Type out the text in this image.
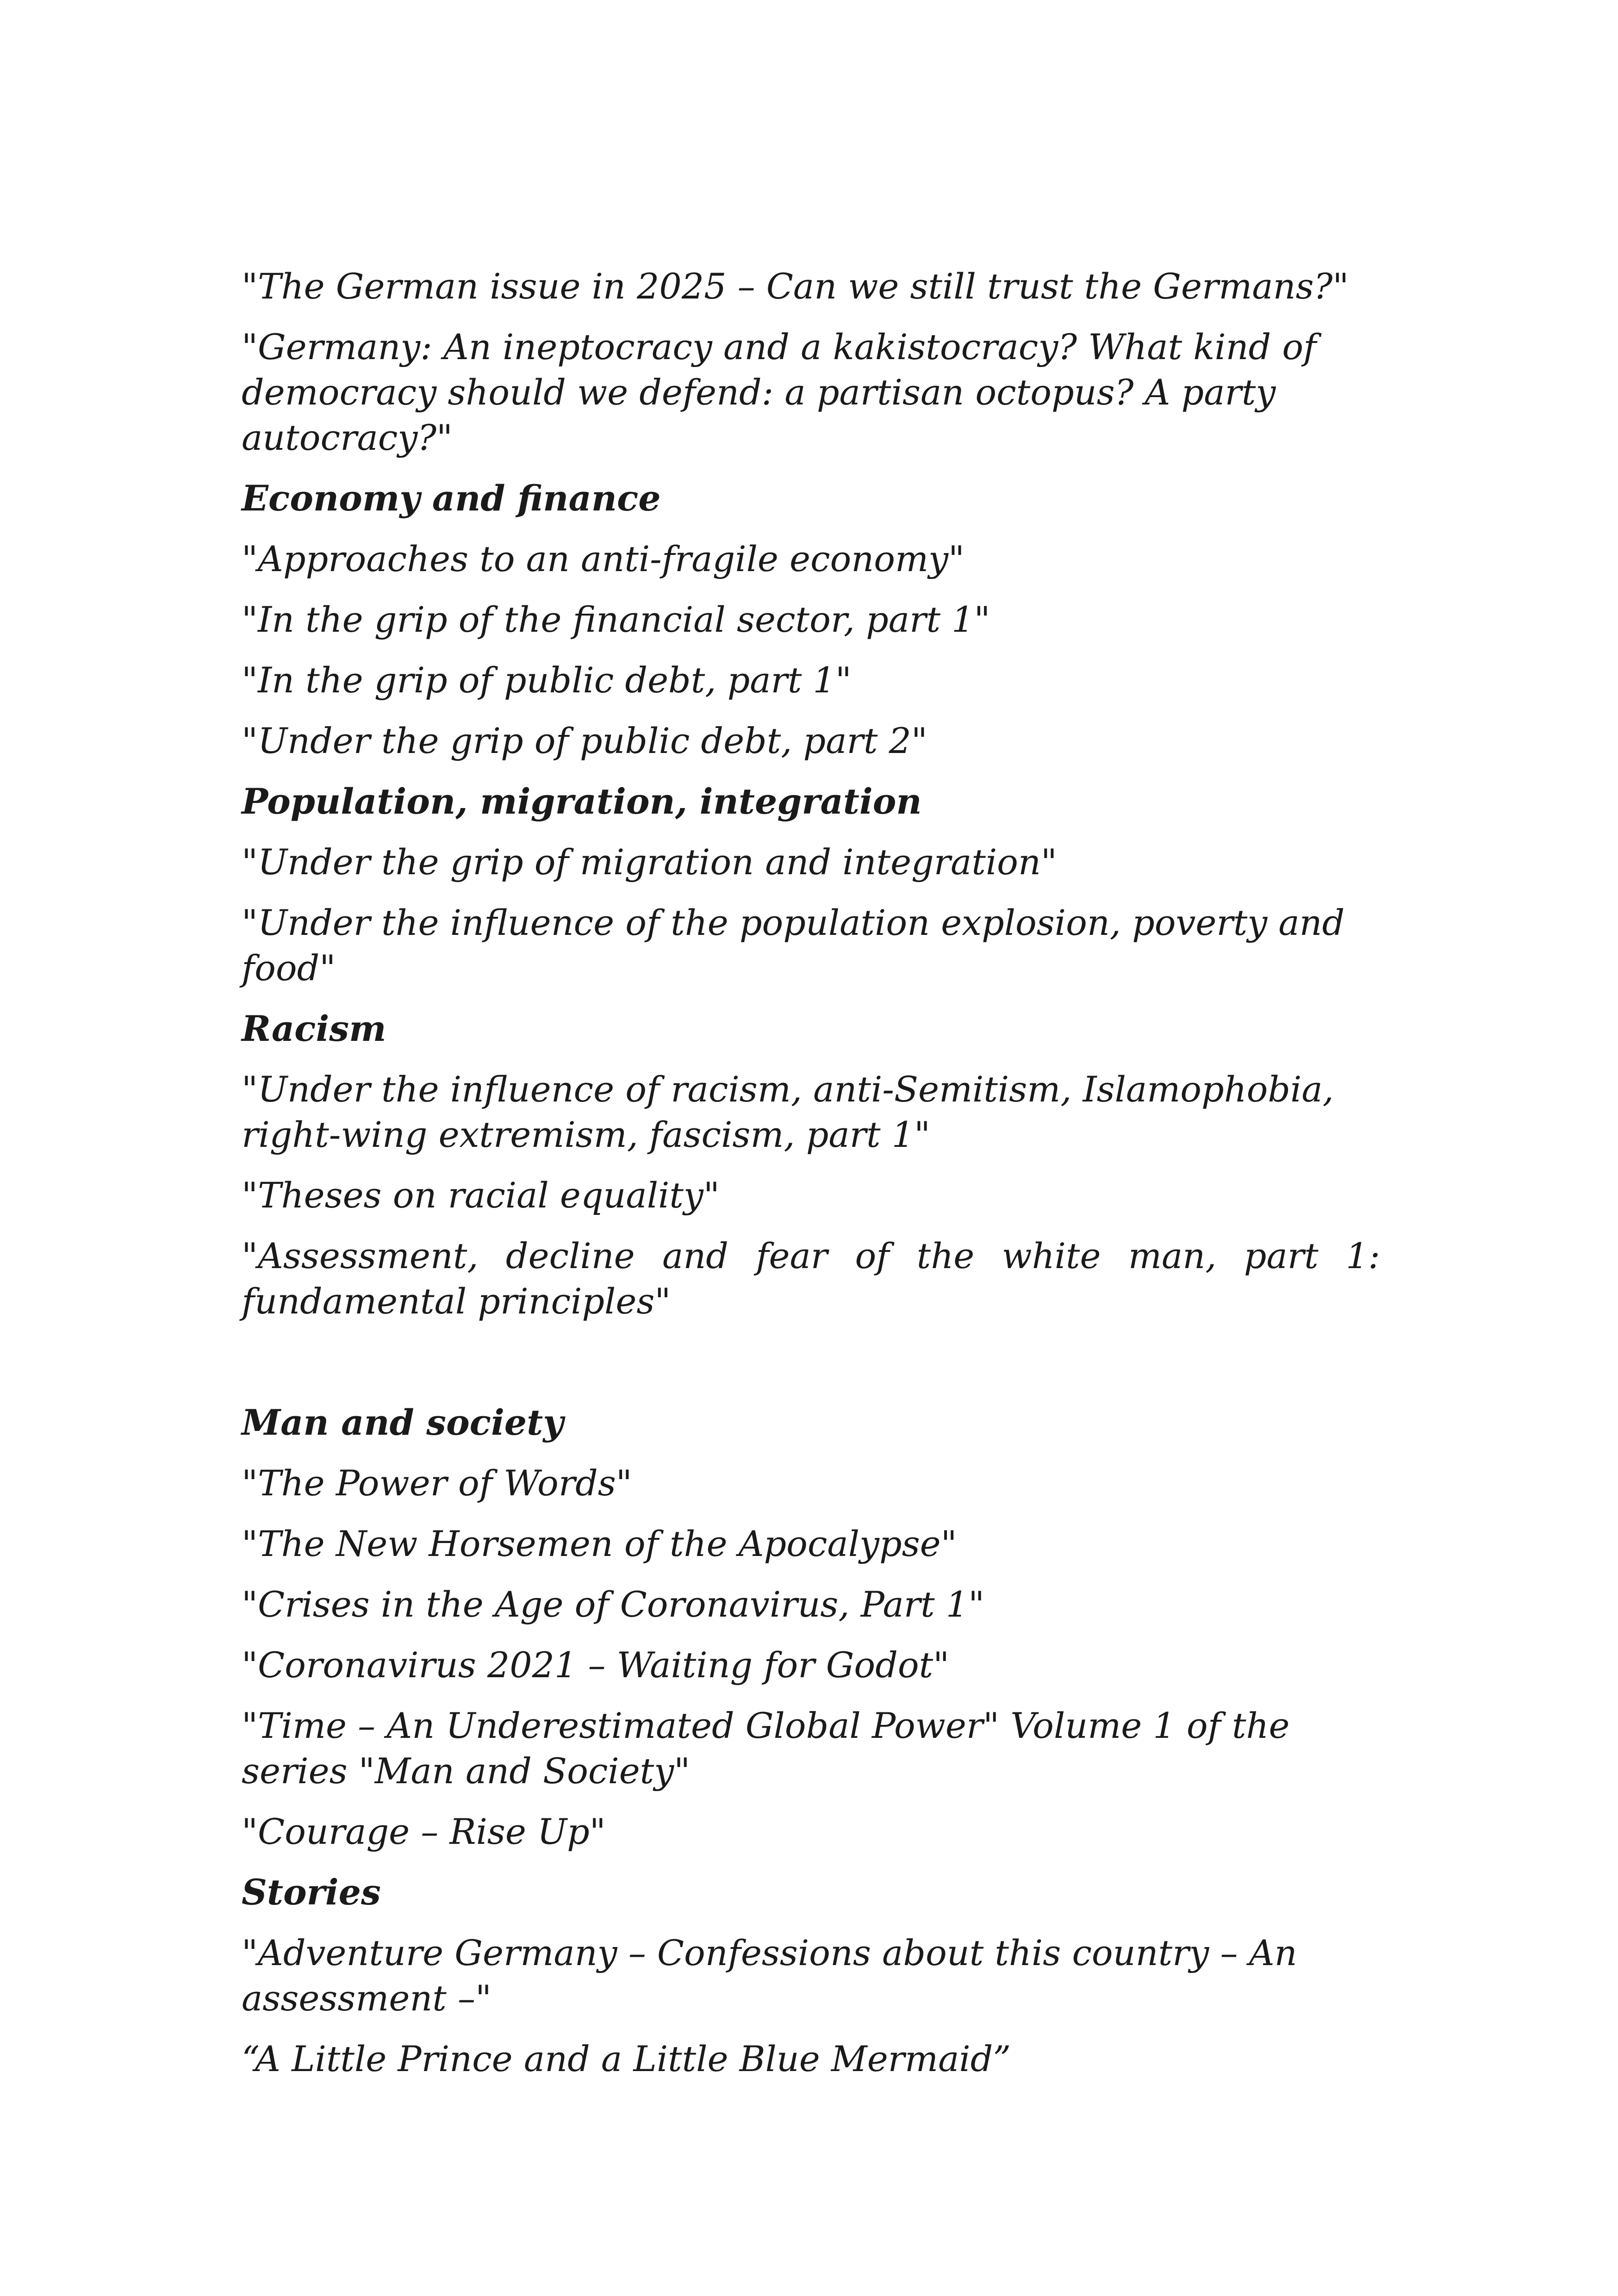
"The German issue in 2025 – Can we still trust the Germans?"

"Germany: An ineptocracy and a kakistocracy? What kind of democracy should we defend: a partisan octopus? A party autocracy?"

Economy and finance

"Approaches to an anti-fragile economy"

"In the grip of the financial sector, part 1"

"In the grip of public debt, part 1"

"Under the grip of public debt, part 2"

Population, migration, integration

"Under the grip of migration and integration"

"Under the influence of the population explosion, poverty and food"

Racism

"Under the influence of racism, anti-Semitism, Islamophobia, right-wing extremism, fascism, part 1"

"Theses on racial equality"

"Assessment, decline and fear of the white man, part 1: fundamental principles"

Man and society

"The Power of Words"

"The New Horsemen of the Apocalypse"

"Crises in the Age of Coronavirus, Part 1"

"Coronavirus 2021 – Waiting for Godot"

"Time – An Underestimated Global Power" Volume 1 of the series "Man and Society"

"Courage – Rise Up"

Stories

"Adventure Germany – Confessions about this country – An assessment –"

“A Little Prince and a Little Blue Mermaid”
